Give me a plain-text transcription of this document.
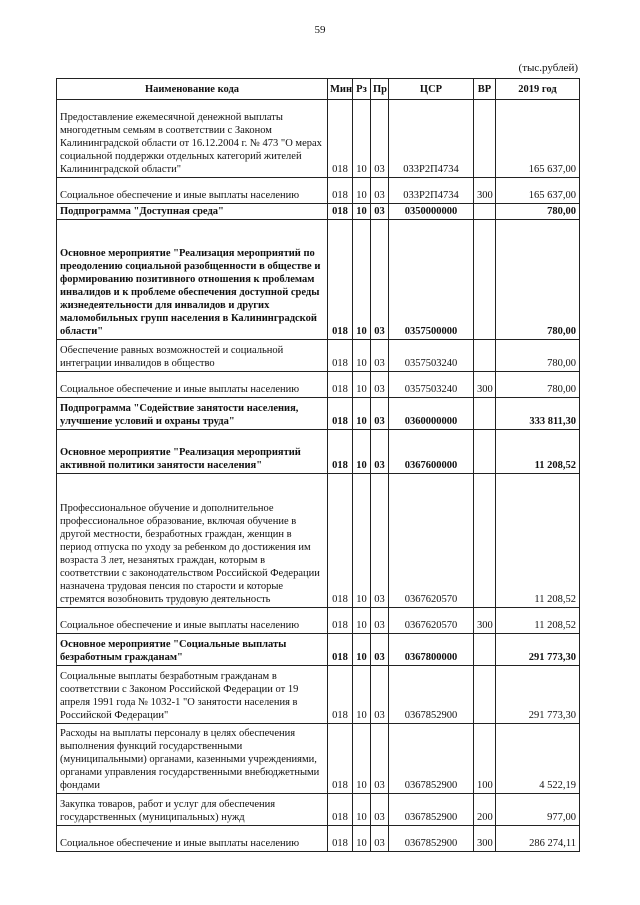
59
(тыс.рублей)
Наименование кода	Мин	Рз	Пр	ЦСР	ВР	2019 год
Предоставление ежемесячной денежной выплаты многодетным семьям в соответствии с Законом Калининградской области от 16.12.2004 г. № 473 "О мерах социальной поддержки отдельных категорий жителей Калининградской области"	018	10	03	033Р2П4734		165 637,00
Социальное обеспечение и иные выплаты населению	018	10	03	033Р2П4734	300	165 637,00
Подпрограмма "Доступная среда"	018	10	03	0350000000		780,00
Основное мероприятие "Реализация мероприятий по преодолению социальной разобщенности в обществе и формированию позитивного отношения к проблемам инвалидов и к проблеме обеспечения доступной среды жизнедеятельности для инвалидов и других маломобильных групп населения в Калининградской области"	018	10	03	0357500000		780,00
Обеспечение равных возможностей и социальной интеграции инвалидов в общество	018	10	03	0357503240		780,00
Социальное обеспечение и иные выплаты населению	018	10	03	0357503240	300	780,00
Подпрограмма "Содействие занятости населения, улучшение условий и охраны труда"	018	10	03	0360000000		333 811,30
Основное мероприятие "Реализация мероприятий активной политики занятости населения"	018	10	03	0367600000		11 208,52
Профессиональное обучение и дополнительное профессиональное образование, включая обучение в другой местности, безработных граждан, женщин в период отпуска по уходу за ребенком до достижения им возраста 3 лет, незанятых граждан, которым в соответствии с законодательством Российской Федерации назначена трудовая пенсия по старости и которые стремятся возобновить трудовую деятельность	018	10	03	0367620570		11 208,52
Социальное обеспечение и иные выплаты населению	018	10	03	0367620570	300	11 208,52
Основное мероприятие "Социальные выплаты безработным гражданам"	018	10	03	0367800000		291 773,30
Социальные выплаты безработным гражданам в соответствии с Законом Российской Федерации от 19 апреля 1991 года № 1032-1 "О занятости населения в Российской Федерации"	018	10	03	0367852900		291 773,30
Расходы на выплаты персоналу в целях обеспечения выполнения функций государственными (муниципальными) органами, казенными учреждениями, органами управления государственными внебюджетными фондами	018	10	03	0367852900	100	4 522,19
Закупка товаров, работ и услуг для обеспечения государственных (муниципальных) нужд	018	10	03	0367852900	200	977,00
Социальное обеспечение и иные выплаты населению	018	10	03	0367852900	300	286 274,11
